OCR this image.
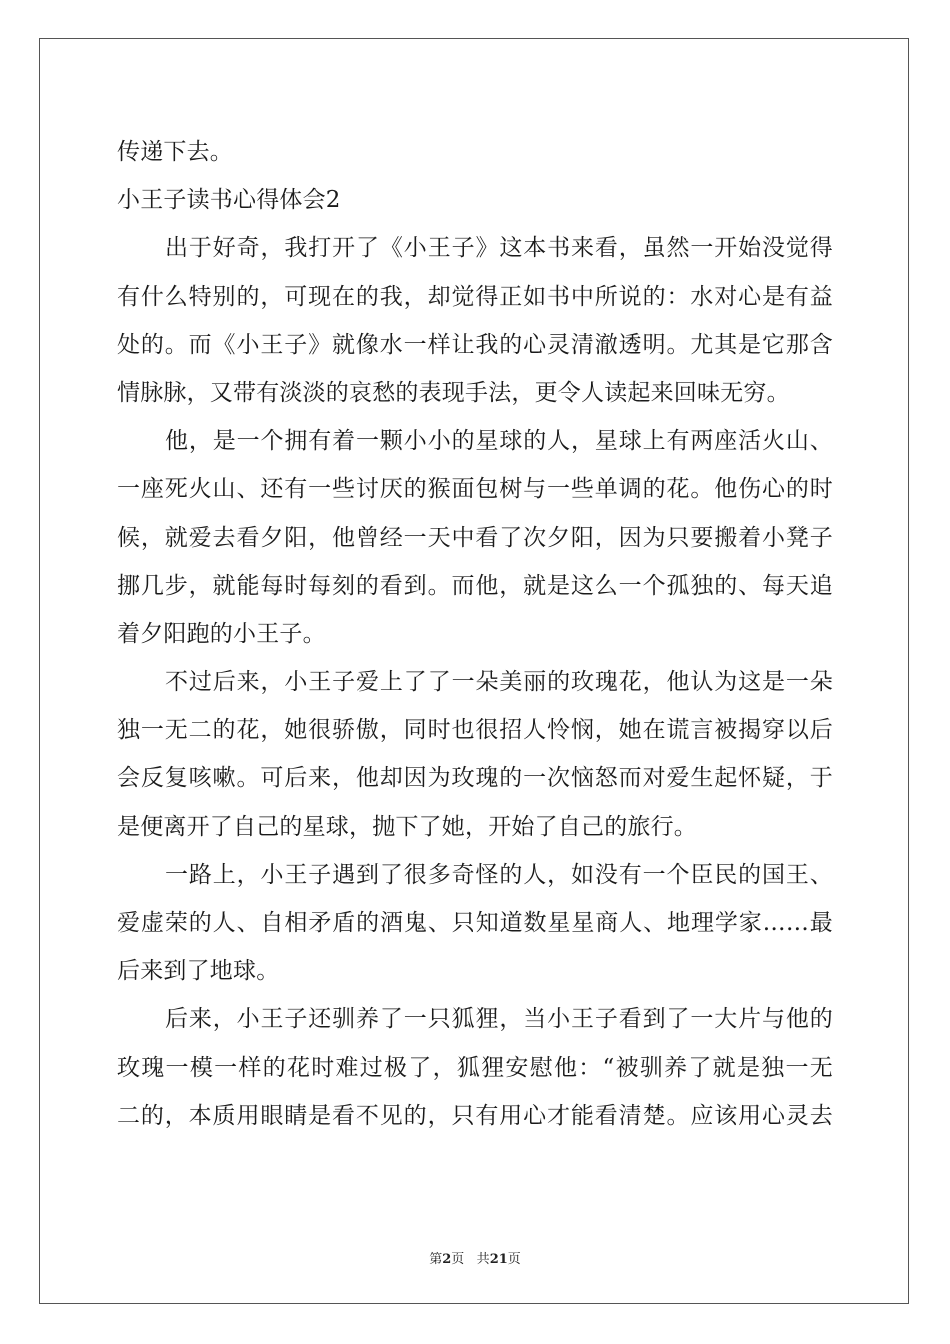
传递下去。
小王子读书心得体会2
出于好奇，我打开了《小王子》这本书来看，虽然一开始没觉得
有什么特别的，可现在的我，却觉得正如书中所说的：水对心是有益
处的。而《小王子》就像水一样让我的心灵清澈透明。尤其是它那含
情脉脉，又带有淡淡的哀愁的表现手法，更令人读起来回味无穷。
他，是一个拥有着一颗小小的星球的人，星球上有两座活火山、
一座死火山、还有一些讨厌的猴面包树与一些单调的花。他伤心的时
候，就爱去看夕阳，他曾经一天中看了次夕阳，因为只要搬着小凳子
挪几步，就能每时每刻的看到。而他，就是这么一个孤独的、每天追
着夕阳跑的小王子。
不过后来，小王子爱上了了一朵美丽的玫瑰花，他认为这是一朵
独一无二的花，她很骄傲，同时也很招人怜悯，她在谎言被揭穿以后
会反复咳嗽。可后来，他却因为玫瑰的一次恼怒而对爱生起怀疑，于
是便离开了自己的星球，抛下了她，开始了自己的旅行。
一路上，小王子遇到了很多奇怪的人，如没有一个臣民的国王、
爱虚荣的人、自相矛盾的酒鬼、只知道数星星商人、地理学家……最
后来到了地球。
后来，小王子还驯养了一只狐狸，当小王子看到了一大片与他的
玫瑰一模一样的花时难过极了，狐狸安慰他：“被驯养了就是独一无
二的，本质用眼睛是看不见的，只有用心才能看清楚。应该用心灵去
第2页 共21页
